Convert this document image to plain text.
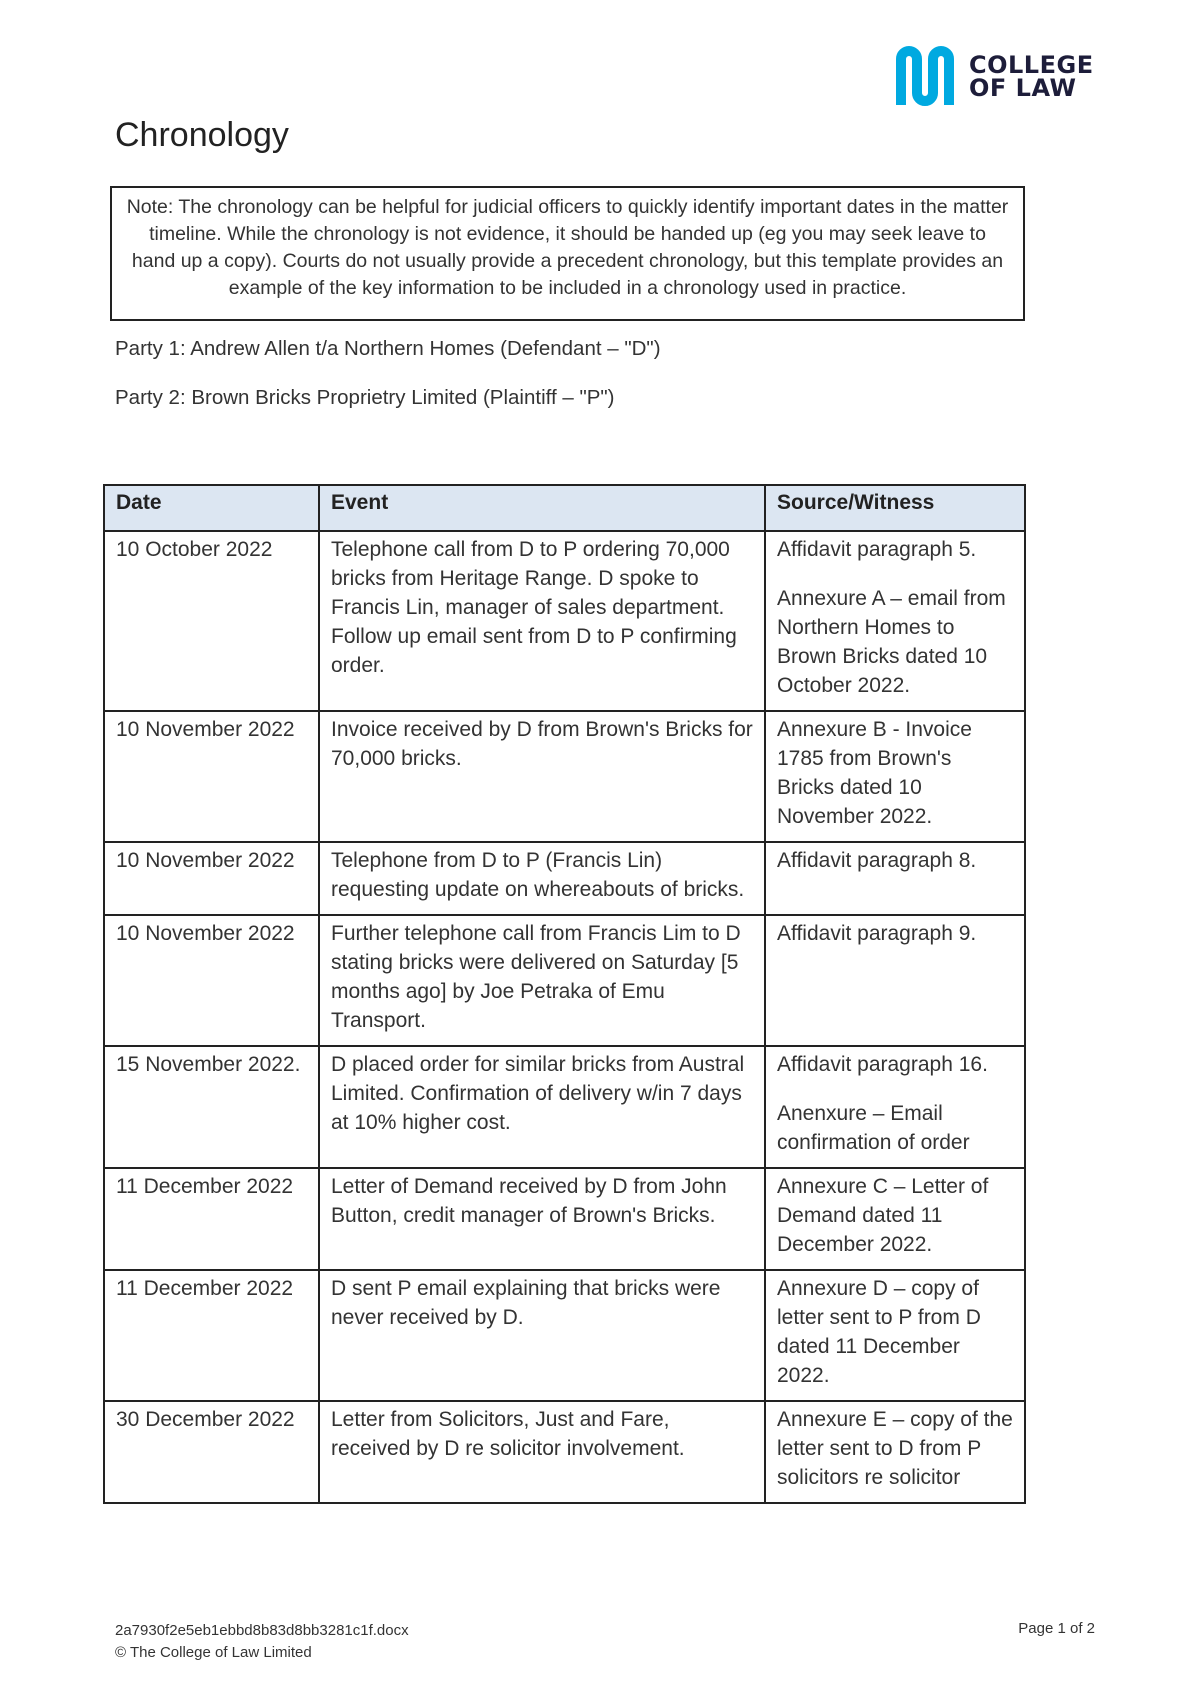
COLLEGE
OF LAW
Chronology
Note: The chronology can be helpful for judicial officers to quickly identify important dates in the matter timeline. While the chronology is not evidence, it should be handed up (eg you may seek leave to hand up a copy). Courts do not usually provide a precedent chronology, but this template provides an example of the key information to be included in a chronology used in practice.
Party 1: Andrew Allen t/a Northern Homes (Defendant – "D")
Party 2: Brown Bricks Proprietry Limited (Plaintiff – "P")
Date	Event	Source/Witness
10 October 2022	Telephone call from D to P ordering 70,000 bricks from Heritage Range. D spoke to Francis Lin, manager of sales department. Follow up email sent from D to P confirming order.	Affidavit paragraph 5.

Annexure A – email from Northern Homes to Brown Bricks dated 10 October 2022.

10 November 2022	Invoice received by D from Brown's Bricks for 70,000 bricks.	Annexure B - Invoice 1785 from Brown's Bricks dated 10 November 2022.

10 November 2022	Telephone from D to P (Francis Lin) requesting update on whereabouts of bricks.	Affidavit paragraph 8.

10 November 2022	Further telephone call from Francis Lim to D stating bricks were delivered on Saturday [5 months ago] by Joe Petraka of Emu Transport.	Affidavit paragraph 9.

15 November 2022.	D placed order for similar bricks from Austral Limited. Confirmation of delivery w/in 7 days at 10% higher cost.	Affidavit paragraph 16.

Anenxure – Email confirmation of order

11 December 2022	Letter of Demand received by D from John Button, credit manager of Brown's Bricks.	Annexure C – Letter of Demand dated 11 December 2022.

11 December 2022	D sent P email explaining that bricks were never received by D.	Annexure D – copy of letter sent to P from D dated 11 December 2022.

30 December 2022	Letter from Solicitors, Just and Fare, received by D re solicitor involvement.	Annexure E – copy of the letter sent to D from P solicitors re solicitor

2a7930f2e5eb1ebbd8b83d8bb3281c1f.docx
© The College of Law Limited
Page 1 of 2
